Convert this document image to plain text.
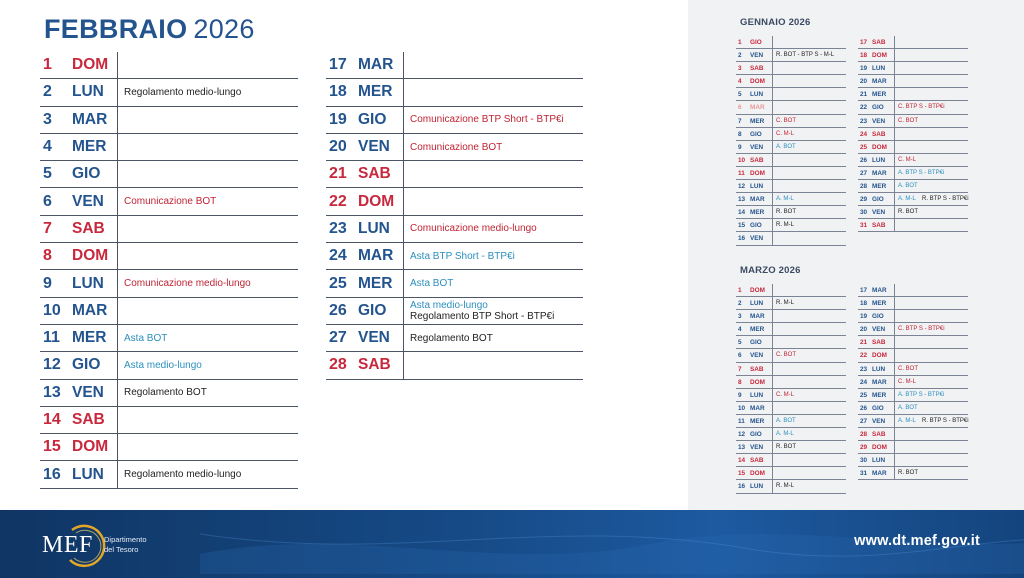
FEBBRAIO 2026
1	DOM
2	LUN	Regolamento medio-lungo
3	MAR
4	MER
5	GIO
6	VEN	Comunicazione BOT
7	SAB
8	DOM
9	LUN	Comunicazione medio-lungo
10 MAR
11 MER	Asta BOT
12 GIO	Asta medio-lungo
13 VEN	Regolamento BOT
14 SAB
15 DOM
16 LUN	Regolamento medio-lungo
17 MAR
18 MER
19 GIO	Comunicazione BTP Short - BTP€i
20 VEN	Comunicazione BOT
21 SAB
22 DOM
23 LUN	Comunicazione medio-lungo
24 MAR	Asta BTP Short - BTP€i
25 MER	Asta BOT
26 GIO	Asta medio-lungo
Regolamento BTP Short - BTP€i
27 VEN	Regolamento BOT
28 SAB
GENNAIO 2026
1	GIO
2	VEN	R. BOT - BTP S - M-L
3	SAB
4	DOM
5	LUN
6	MAR
7	MER	C. BOT
8	GIO	C. M-L
9	VEN	A. BOT
10 SAB
11 DOM
12 LUN
13 MAR	A. M-L
14 MER	R. BOT
15 GIO	R. M-L
16 VEN
17 SAB
18 DOM
19 LUN
20 MAR
21 MER
22 GIO	C. BTP S - BTP€i
23 VEN	C. BOT
24 SAB
25 DOM
26 LUN	C. M-L
27 MAR	A. BTP S - BTP€i
28 MER	A. BOT
29 GIO	A. M-L R. BTP S - BTP€i
30 VEN	R. BOT
31 SAB
MARZO 2026
1	DOM
2	LUN	R. M-L
3	MAR
4	MER
5	GIO
6	VEN	C. BOT
7	SAB
8	DOM
9	LUN	C. M-L
10 MAR
11 MER	A. BOT
12 GIO	A. M-L
13 VEN	R. BOT
14 SAB
15 DOM
16 LUN	R. M-L
17 MAR
18 MER
19 GIO
20 VEN	C. BTP S - BTP€i
21 SAB
22 DOM
23 LUN	C. BOT
24 MAR	C. M-L
25 MER	A. BTP S - BTP€i
26 GIO	A. BOT
27 VEN	A. M-L R. BTP S - BTP€i
28 SAB
29 DOM
30 LUN
31 MAR	R. BOT
MEF Dipartimento
del Tesoro
www.dt.mef.gov.it
